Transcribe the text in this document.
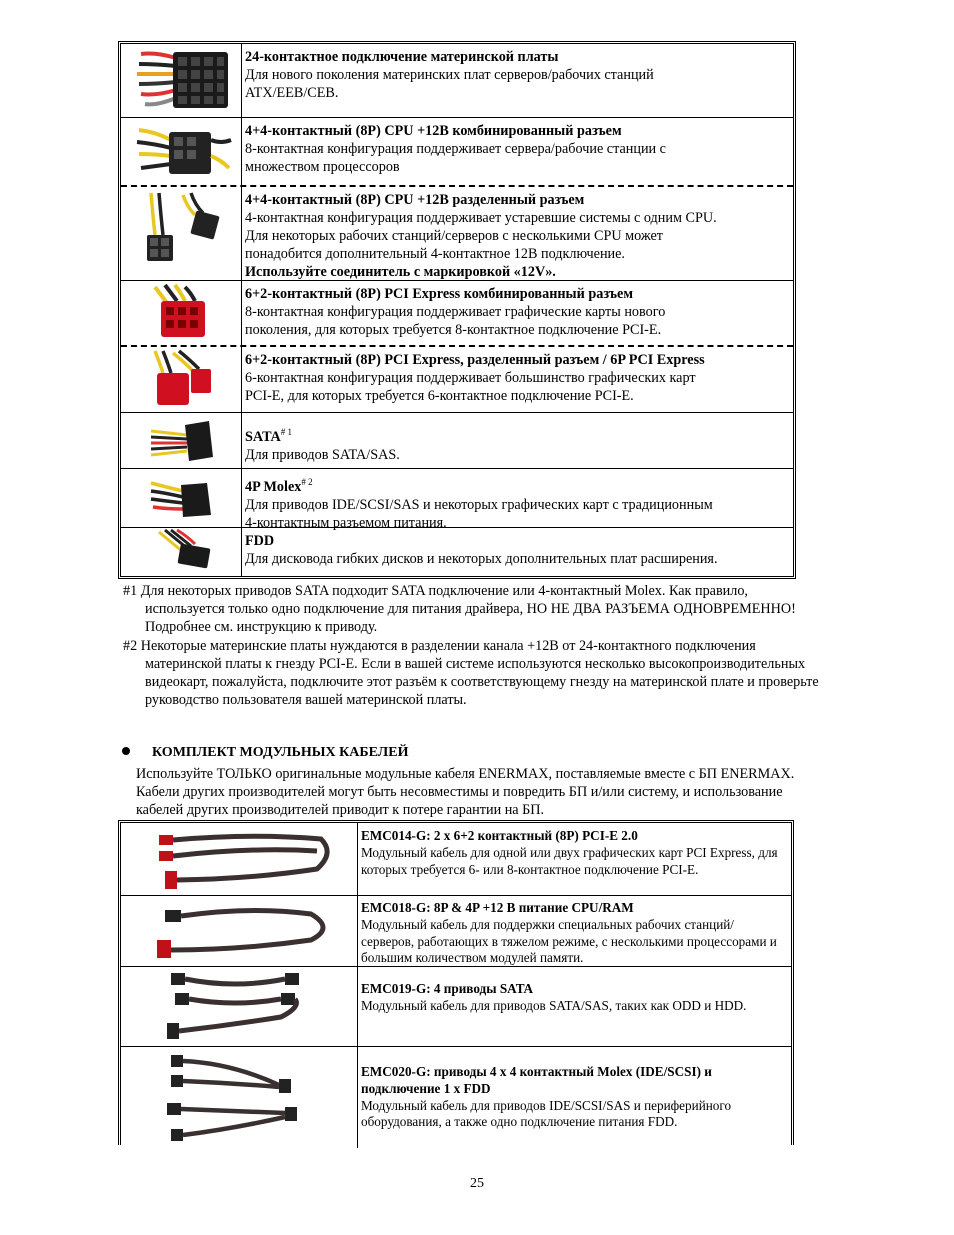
24-контактное подключение материнской платы
Для нового поколения материнских плат серверов/рабочих станций
ATX/EEB/CEB.
4+4-контактный (8P) CPU +12В комбинированный разъем
8-контактная конфигурация поддерживает сервера/рабочие станции с
множеством процессоров
4+4-контактный (8P) CPU +12В разделенный разъем
4-контактная конфигурация поддерживает устаревшие системы с одним CPU.
Для некоторых рабочих станций/серверов с несколькими CPU может
понадобится дополнительный 4-контактное 12В подключение.
Используйте соединитель с маркировкой «12V».
6+2-контактный (8P) PCI Express комбинированный разъем
8-контактная конфигурация поддерживает графические карты нового
поколения, для которых требуется 8-контактное подключение PCI-E.
6+2-контактный (8P) PCI Express, разделенный разъем / 6P PCI Express
6-контактная конфигурация поддерживает большинство графических карт
PCI-E, для которых требуется 6-контактное подключение PCI-E.
SATA$^{\# 1}$
Для приводов SATA/SAS.
4P Molex$^{\# 2}$
Для приводов IDE/SCSI/SAS и некоторых графических карт с традиционным
4-контактным разъемом питания.
FDD
Для дисковода гибких дисков и некоторых дополнительных плат расширения.

#1 Для некоторых приводов SATA подходит SATA подключение или 4-контактный Molex. Как правило, используется только одно подключение для питания драйвера, НО НЕ ДВА РАЗЪЕМА ОДНОВРЕМЕННО! Подробнее см. инструкцию к приводу.

#2 Некоторые материнские платы нуждаются в разделении канала +12В от 24-контактного подключения материнской платы к гнезду PCI-E. Если в вашей системе используются несколько высокопроизводительных видеокарт, пожалуйста, подключите этот разъём к соответствующему гнезду на материнской плате и проверьте руководство пользователя вашей материнской платы.

КОМПЛЕКТ МОДУЛЬНЫХ КАБЕЛЕЙ
Используйте ТОЛЬКО оригинальные модульные кабеля ENERMAX, поставляемые вместе с БП ENERMAX. Кабели других производителей могут быть несовместимы и повредить БП и/или систему, и использование кабелей других производителей приводит к потере гарантии на БП.
EMC014-G: 2 x 6+2 контактный (8P) PCI-E 2.0
Модульный кабель для одной или двух графических карт PCI Express, для которых требуется 6- или 8-контактное подключение PCI-E.
EMC018-G: 8P & 4P +12 В питание CPU/RAM
Модульный кабель для поддержки специальных рабочих станций/серверов, работающих в тяжелом режиме, с несколькими процессорами и большим количеством модулей памяти.
EMC019-G: 4 приводы SATA
Модульный кабель для приводов SATA/SAS, таких как ODD и HDD.
EMC020-G: приводы 4 x 4 контактный Molex (IDE/SCSI) и подключение 1 x FDD
Модульный кабель для приводов IDE/SCSI/SAS и периферийного оборудования, а также одно подключение питания FDD.
25
